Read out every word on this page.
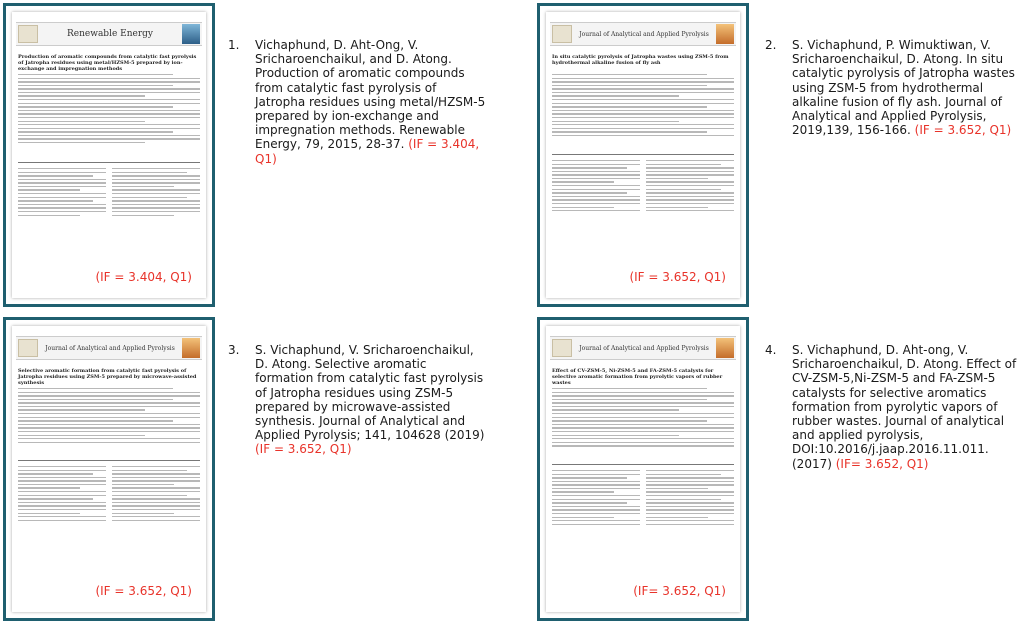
Renewable Energy
Production of aromatic compounds from catalytic fast pyrolysis of Jatropha residues using metal/HZSM-5 prepared by ion-exchange and impregnation methods
(IF = 3.404, Q1)
1. Vichaphund, D. Aht-Ong, V. Sricharoenchaikul, and D. Atong. Production of aromatic compounds from catalytic fast pyrolysis of Jatropha residues using metal/HZSM-5 prepared by ion-exchange and impregnation methods. Renewable Energy, 79, 2015, 28-37. (IF = 3.404, Q1)
Journal of Analytical and Applied Pyrolysis
In situ catalytic pyrolysis of Jatropha wastes using ZSM-5 from hydrothermal alkaline fusion of fly ash
(IF = 3.652, Q1)
2. S. Vichaphund, P. Wimuktiwan, V. Sricharoenchaikul, D. Atong. In situ catalytic pyrolysis of Jatropha wastes using ZSM-5 from hydrothermal alkaline fusion of fly ash. Journal of Analytical and Applied Pyrolysis, 2019,139, 156-166. (IF = 3.652, Q1)
Journal of Analytical and Applied Pyrolysis
Selective aromatic formation from catalytic fast pyrolysis of Jatropha residues using ZSM-5 prepared by microwave-assisted synthesis
(IF = 3.652, Q1)
3. S. Vichaphund, V. Sricharoenchaikul, D. Atong. Selective aromatic formation from catalytic fast pyrolysis of Jatropha residues using ZSM-5 prepared by microwave-assisted synthesis. Journal of Analytical and Applied Pyrolysis; 141, 104628 (2019) (IF = 3.652, Q1)
Journal of Analytical and Applied Pyrolysis
Effect of CV-ZSM-5, Ni-ZSM-5 and FA-ZSM-5 catalysts for selective aromatic formation from pyrolytic vapors of rubber wastes
(IF= 3.652, Q1)
4. S. Vichaphund, D. Aht-ong, V. Sricharoenchaikul, D. Atong. Effect of CV-ZSM-5,Ni-ZSM-5 and FA-ZSM-5 catalysts for selective aromatics formation from pyrolytic vapors of rubber wastes. Journal of analytical and applied pyrolysis, DOI:10.2016/j.jaap.2016.11.011. (2017) (IF= 3.652, Q1)
